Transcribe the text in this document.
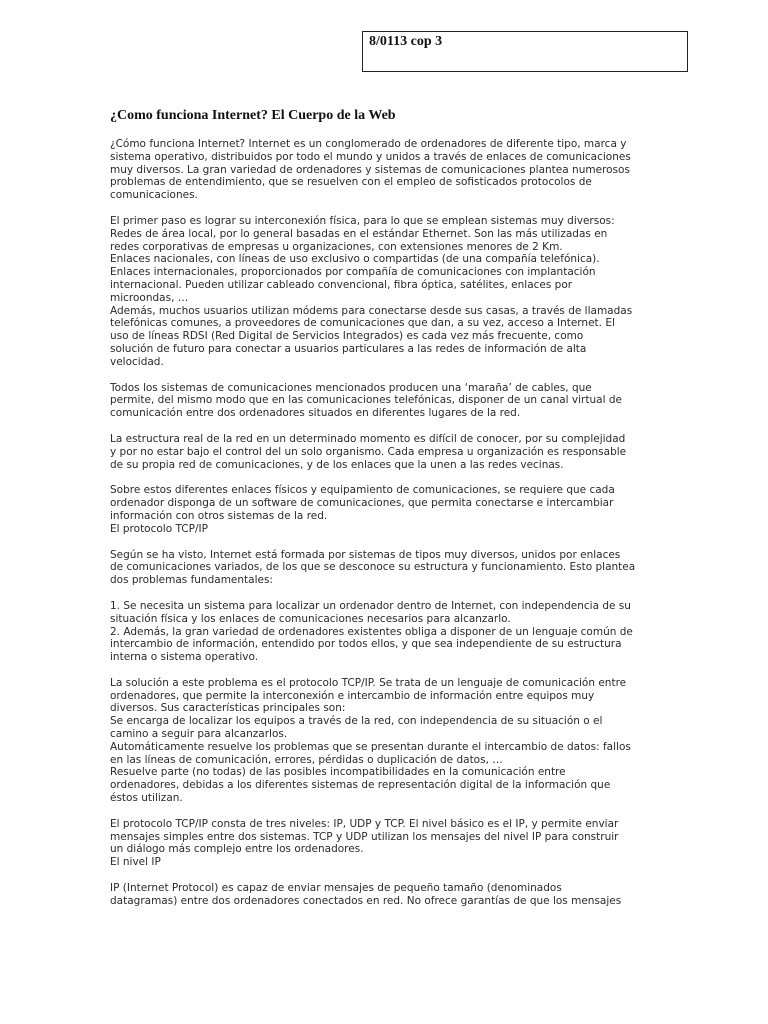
8/0113 cop 3
¿Como funciona Internet? El Cuerpo de la Web

¿Cómo funciona Internet? Internet es un conglomerado de ordenadores de diferente tipo, marca y
sistema operativo, distribuidos por todo el mundo y unidos a través de enlaces de comunicaciones
muy diversos. La gran variedad de ordenadores y sistemas de comunicaciones plantea numerosos
problemas de entendimiento, que se resuelven con el empleo de sofisticados protocolos de
comunicaciones.

El primer paso es lograr su interconexión física, para lo que se emplean sistemas muy diversos:
Redes de área local, por lo general basadas en el estándar Ethernet. Son las más utilizadas en
redes corporativas de empresas u organizaciones, con extensiones menores de 2 Km.
Enlaces nacionales, con líneas de uso exclusivo o compartidas (de una compañía telefónica).
Enlaces internacionales, proporcionados por compañía de comunicaciones con implantación
internacional. Pueden utilizar cableado convencional, fibra óptica, satélites, enlaces por
microondas, …
Además, muchos usuarios utilizan módems para conectarse desde sus casas, a través de llamadas
telefónicas comunes, a proveedores de comunicaciones que dan, a su vez, acceso a Internet. El
uso de líneas RDSI (Red Digital de Servicios Integrados) es cada vez más frecuente, como
solución de futuro para conectar a usuarios particulares a las redes de información de alta
velocidad.

Todos los sistemas de comunicaciones mencionados producen una ‘maraña’ de cables, que
permite, del mismo modo que en las comunicaciones telefónicas, disponer de un canal virtual de
comunicación entre dos ordenadores situados en diferentes lugares de la red.

La estructura real de la red en un determinado momento es difícil de conocer, por su complejidad
y por no estar bajo el control del un solo organismo. Cada empresa u organización es responsable
de su propia red de comunicaciones, y de los enlaces que la unen a las redes vecinas.

Sobre estos diferentes enlaces físicos y equipamiento de comunicaciones, se requiere que cada
ordenador disponga de un software de comunicaciones, que permita conectarse e intercambiar
información con otros sistemas de la red.
El protocolo TCP/IP

Según se ha visto, Internet está formada por sistemas de tipos muy diversos, unidos por enlaces
de comunicaciones variados, de los que se desconoce su estructura y funcionamiento. Esto plantea
dos problemas fundamentales:

1. Se necesita un sistema para localizar un ordenador dentro de Internet, con independencia de su
situación física y los enlaces de comunicaciones necesarios para alcanzarlo.
2. Además, la gran variedad de ordenadores existentes obliga a disponer de un lenguaje común de
intercambio de información, entendido por todos ellos, y que sea independiente de su estructura
interna o sistema operativo.

La solución a este problema es el protocolo TCP/IP. Se trata de un lenguaje de comunicación entre
ordenadores, que permite la interconexión e intercambio de información entre equipos muy
diversos. Sus características principales son:
Se encarga de localizar los equipos a través de la red, con independencia de su situación o el
camino a seguir para alcanzarlos.
Automáticamente resuelve los problemas que se presentan durante el intercambio de datos: fallos
en las líneas de comunicación, errores, pérdidas o duplicación de datos, …
Resuelve parte (no todas) de las posibles incompatibilidades en la comunicación entre
ordenadores, debidas a los diferentes sistemas de representación digital de la información que
éstos utilizan.

El protocolo TCP/IP consta de tres niveles: IP, UDP y TCP. El nivel básico es el IP, y permite enviar
mensajes simples entre dos sistemas. TCP y UDP utilizan los mensajes del nivel IP para construir
un diálogo más complejo entre los ordenadores.
El nivel IP

IP (Internet Protocol) es capaz de enviar mensajes de pequeño tamaño (denominados
datagramas) entre dos ordenadores conectados en red. No ofrece garantías de que los mensajes
